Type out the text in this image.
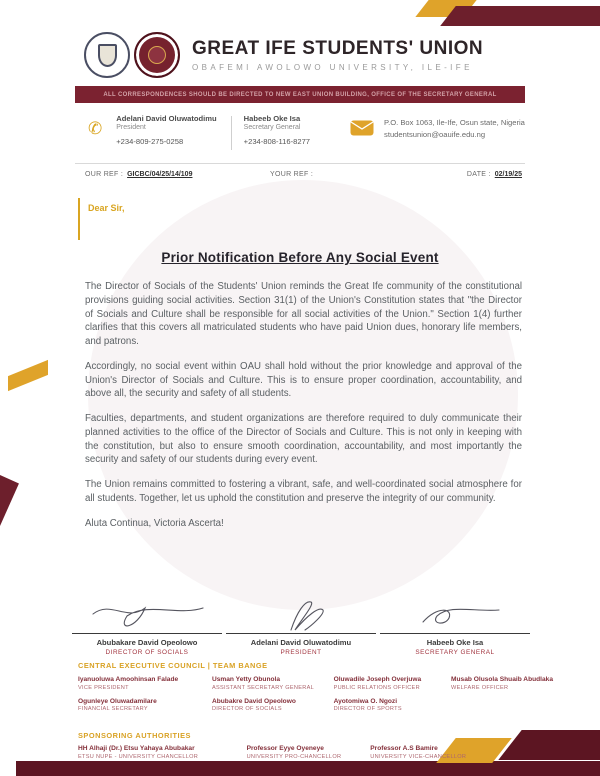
GREAT IFE STUDENTS' UNION
OBAFEMI AWOLOWO UNIVERSITY, ILE-IFE
ALL CORRESPONDENCES SHOULD BE DIRECTED TO NEW EAST UNION BUILDING, OFFICE OF THE SECRETARY GENERAL
✆
Adelani David Oluwatodimu
President
+234-809-275-0258
Habeeb Oke Isa
Secretary General
+234-808-116-8277
P.O. Box 1063, Ile-Ife, Osun state, Nigeria
studentsunion@oauife.edu.ng
OUR REF : GICBC/04/25/14/109	YOUR REF :	DATE : 02/19/25
Dear Sir,
Prior Notification Before Any Social Event

The Director of Socials of the Students' Union reminds the Great Ife community of the constitutional provisions guiding social activities. Section 31(1) of the Union's Constitution states that "the Director of Socials and Culture shall be responsible for all social activities of the Union." Section 1(4) further clarifies that this covers all matriculated students who have paid Union dues, honorary life members, and patrons.

Accordingly, no social event within OAU shall hold without the prior knowledge and approval of the Union's Director of Socials and Culture. This is to ensure proper coordination, accountability, and above all, the security and safety of all students.

Faculties, departments, and student organizations are therefore required to duly communicate their planned activities to the office of the Director of Socials and Culture. This is not only in keeping with the constitution, but also to ensure smooth coordination, accountability, and most importantly the security and safety of our students during every event.

The Union remains committed to fostering a vibrant, safe, and well-coordinated social atmosphere for all students. Together, let us uphold the constitution and preserve the integrity of our community.

Aluta Continua, Victoria Ascerta!
Abubakare David Opeolowo
DIRECTOR OF SOCIALS
Adelani David Oluwatodimu
PRESIDENT
Habeeb Oke Isa
SECRETARY GENERAL
CENTRAL EXECUTIVE COUNCIL | TEAM BANGE
Iyanuoluwa Amoohinsan Falade
VICE PRESIDENT
Usman Yetty Obunola
ASSISTANT SECRETARY GENERAL
Oluwadile Joseph Overjuwa
PUBLIC RELATIONS OFFICER
Musab Olusola Shuaib Abudlaka
WELFARE OFFICER
Ogunleye Oluwadamilare
FINANCIAL SECRETARY
Abubakre David Opeolowo
DIRECTOR OF SOCIALS
Ayotomiwa O. Ngozi
DIRECTOR OF SPORTS
SPONSORING AUTHORITIES
HH Alhaji (Dr.) Etsu Yahaya Abubakar
ETSU NUPE - UNIVERSITY CHANCELLOR
Professor Eyye Oyeneye
UNIVERSITY PRO-CHANCELLOR
Professor A.S Bamire
UNIVERSITY VICE-CHANCELLOR
